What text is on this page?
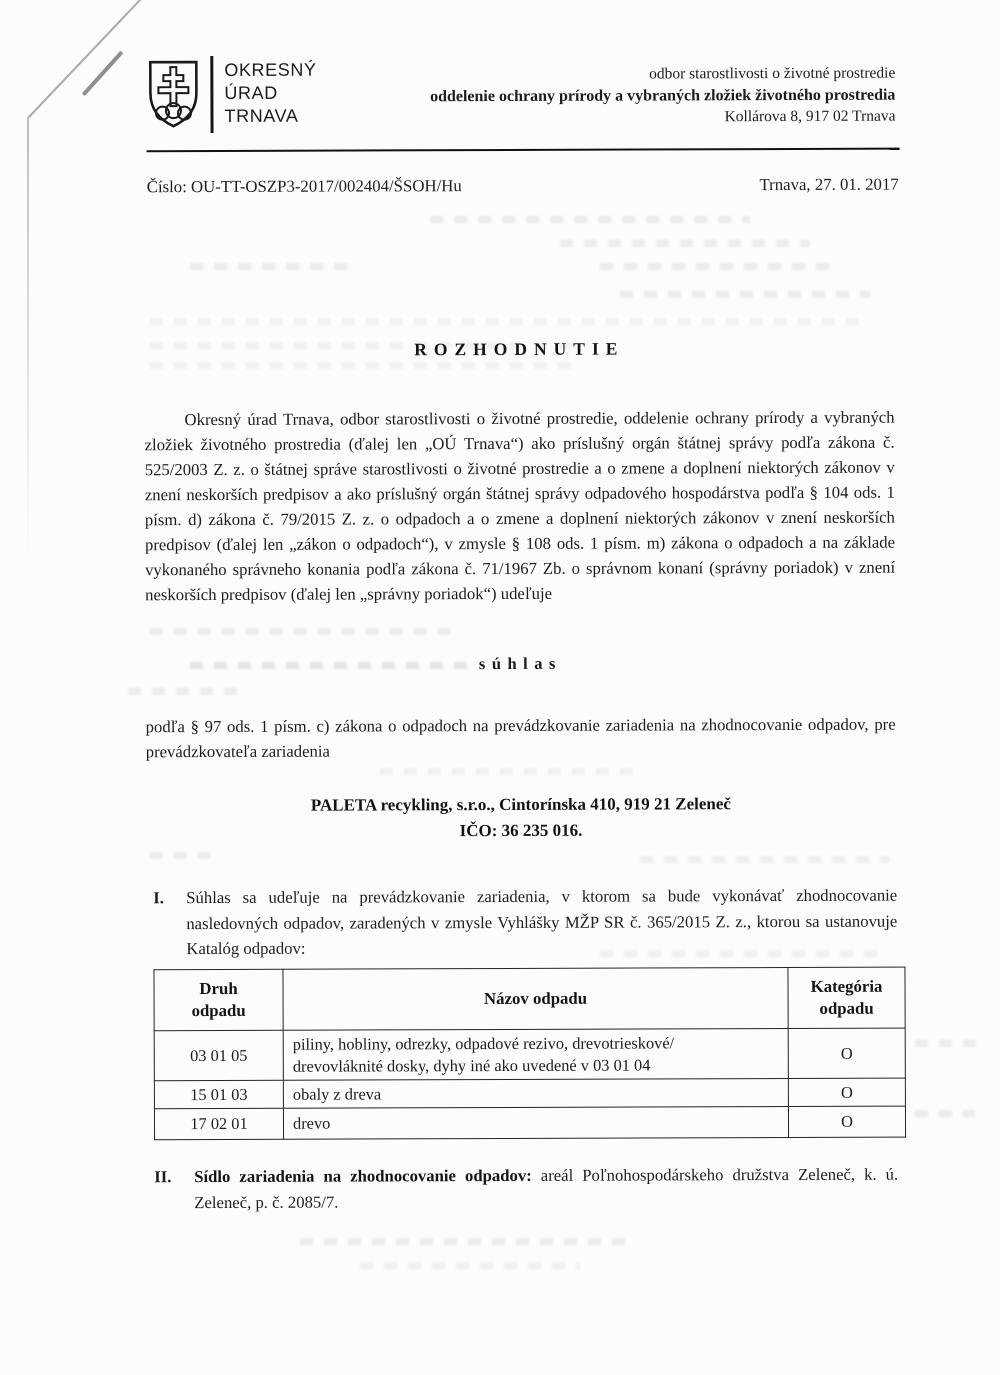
OKRESNÝ
ÚRAD
TRNAVA
odbor starostlivosti o životné prostredie
oddelenie ochrany prírody a vybraných zložiek životného prostredia
Kollárova 8, 917 02 Trnava
Číslo: OU-TT-OSZP3-2017/002404/ŠSOH/Hu	Trnava, 27. 01. 2017
ROZHODNUTIE

Okresný úrad Trnava, odbor starostlivosti o životné prostredie, oddelenie ochrany prírody a vybraných zložiek životného prostredia (ďalej len „OÚ Trnava“) ako príslušný orgán štátnej správy podľa zákona č. 525/2003 Z. z. o štátnej správe starostlivosti o životné prostredie a o zmene a doplnení niektorých zákonov v znení neskorších predpisov a ako príslušný orgán štátnej správy odpadového hospodárstva podľa § 104 ods. 1 písm. d) zákona č. 79/2015 Z. z. o odpadoch a o zmene a doplnení niektorých zákonov v znení neskorších predpisov (ďalej len „zákon o odpadoch“), v zmysle § 108 ods. 1 písm. m) zákona o odpadoch a na základe vykonaného správneho konania podľa zákona č. 71/1967 Zb. o správnom konaní (správny poriadok) v znení neskorších predpisov (ďalej len „správny poriadok“) udeľuje

súhlas

podľa § 97 ods. 1 písm. c) zákona o odpadoch na prevádzkovanie zariadenia na zhodnocovanie odpadov, pre prevádzkovateľa zariadenia

PALETA recykling, s.r.o., Cintorínska 410, 919 21 Zeleneč
IČO: 36 235 016.
I. Súhlas sa udeľuje na prevádzkovanie zariadenia, v ktorom sa bude vykonávať zhodnocovanie nasledovných odpadov, zaradených v zmysle Vyhlášky MŽP SR č. 365/2015 Z. z., ktorou sa ustanovuje Katalóg odpadov:
Druh
odpadu	Názov odpadu	Kategória
odpadu
03 01 05	piliny, hobliny, odrezky, odpadové rezivo, drevotrieskové/
drevovláknité dosky, dyhy iné ako uvedené v 03 01 04	O
15 01 03	obaly z dreva	O
17 02 01	drevo	O
II. Sídlo zariadenia na zhodnocovanie odpadov: areál Poľnohospodárskeho družstva Zeleneč, k. ú. Zeleneč, p. č. 2085/7.
